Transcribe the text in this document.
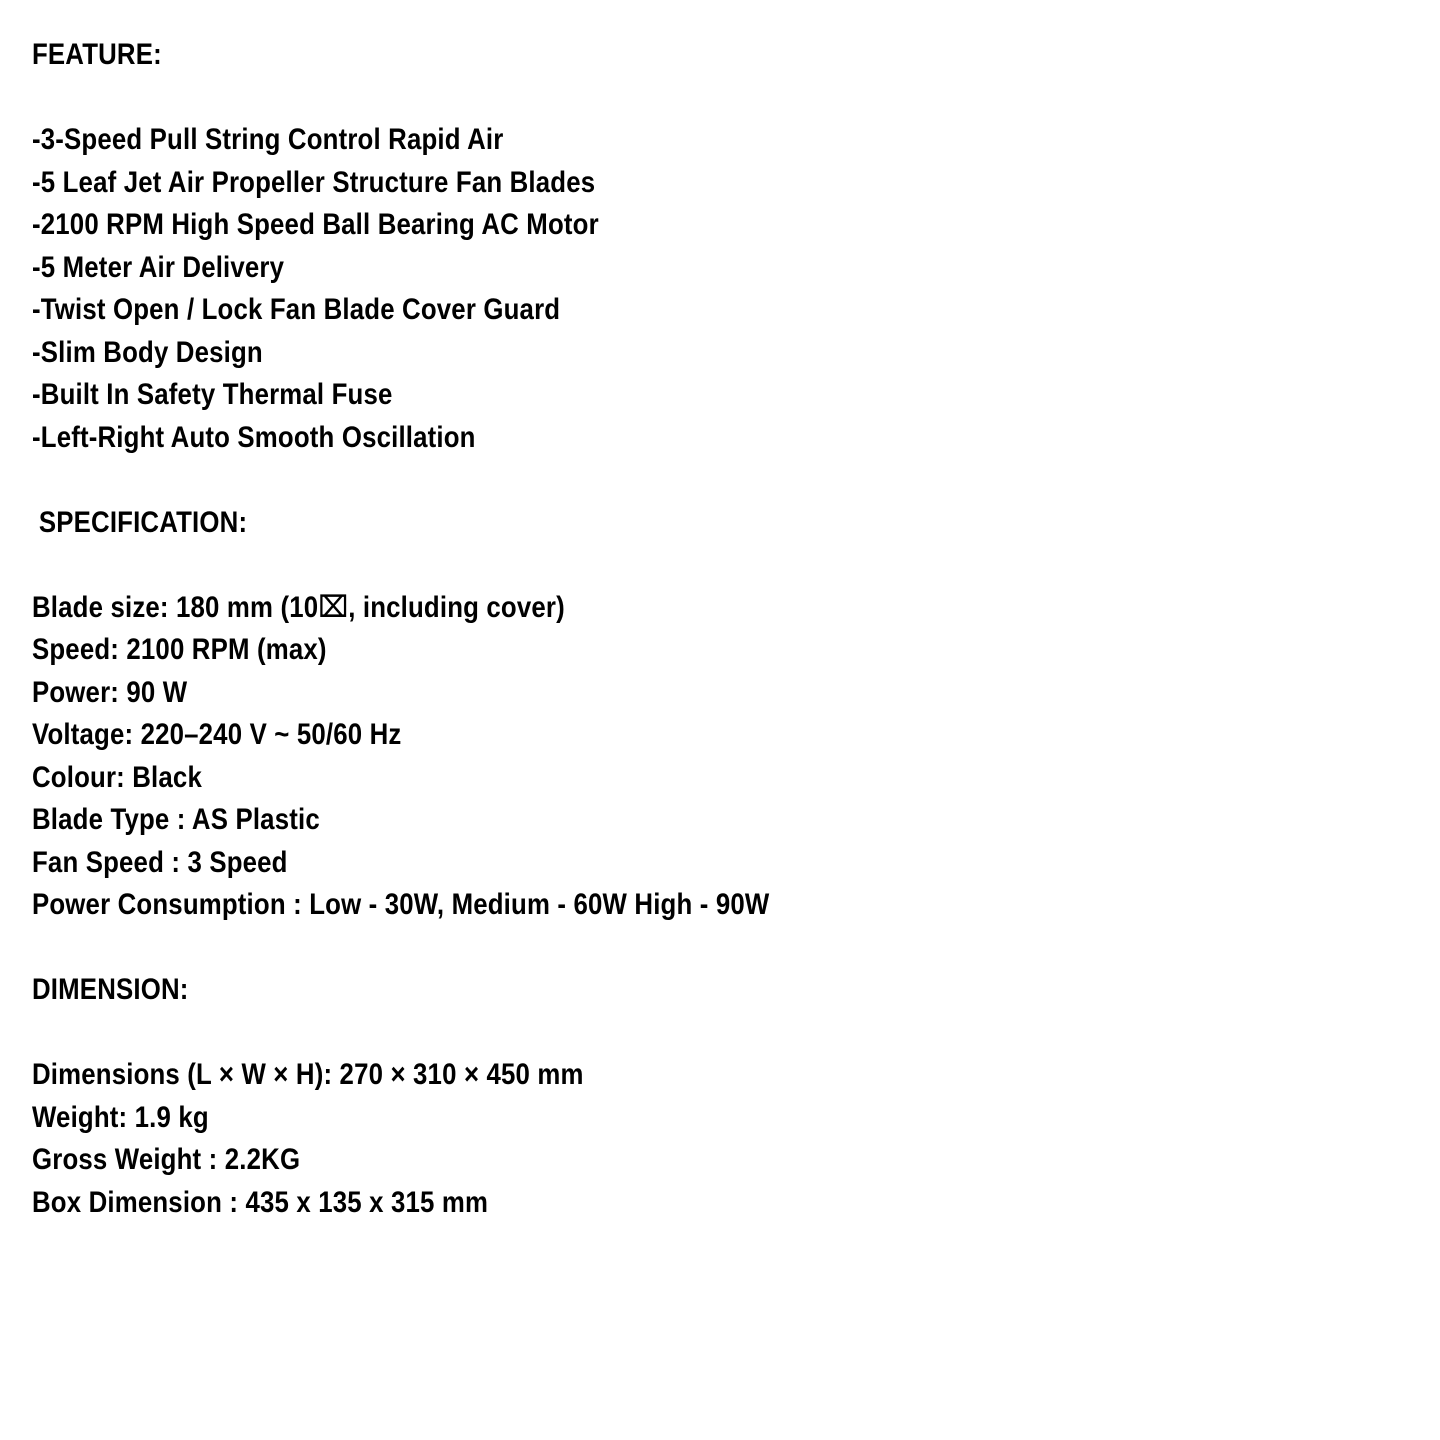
FEATURE:
-3-Speed Pull String Control Rapid Air
-5 Leaf Jet Air Propeller Structure Fan Blades
-2100 RPM High Speed Ball Bearing AC Motor
-5 Meter Air Delivery
-Twist Open / Lock Fan Blade Cover Guard
-Slim Body Design
-Built In Safety Thermal Fuse
-Left-Right Auto Smooth Oscillation
SPECIFICATION:
Blade size: 180 mm (10⌧, including cover)
Speed: 2100 RPM (max)
Power: 90 W
Voltage: 220–240 V ~ 50/60 Hz
Colour: Black
Blade Type : AS Plastic
Fan Speed : 3 Speed
Power Consumption : Low - 30W, Medium - 60W High - 90W
DIMENSION:
Dimensions (L × W × H): 270 × 310 × 450 mm
Weight: 1.9 kg
Gross Weight : 2.2KG
Box Dimension : 435 x 135 x 315 mm
